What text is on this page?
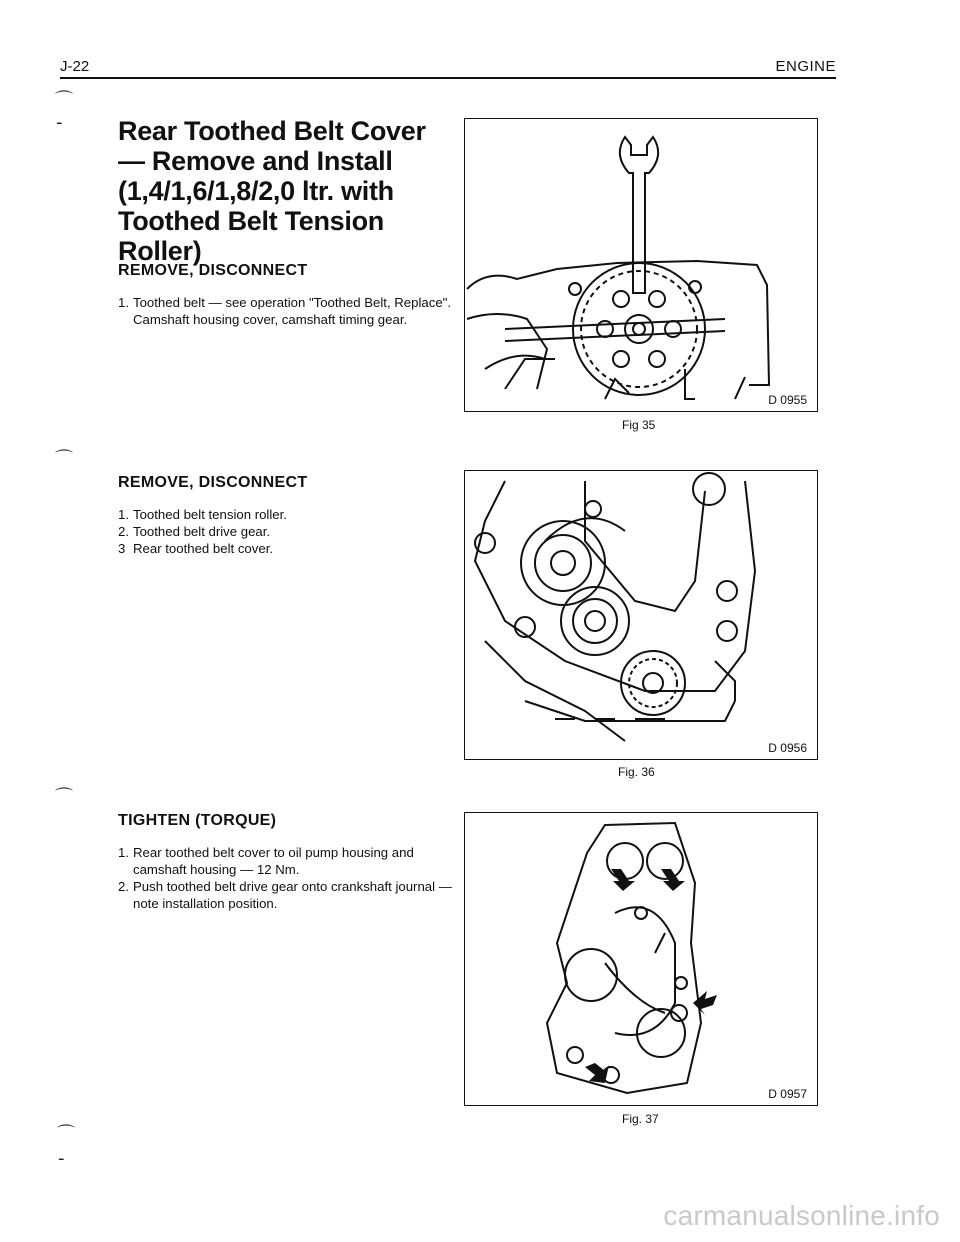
J-22	ENGINE
⌒
-
⌒
⌒
⌒
-
Rear Toothed Belt Cover — Remove and Install (1,4/1,6/1,8/2,0 ltr. with Toothed Belt Tension Roller)
REMOVE, DISCONNECT
1. Toothed belt — see operation "Toothed Belt, Replace".
Camshaft housing cover, camshaft timing gear.
REMOVE, DISCONNECT
1. Toothed belt tension roller.
2. Toothed belt drive gear.
3 Rear toothed belt cover.
TIGHTEN (TORQUE)
1. Rear toothed belt cover to oil pump housing and camshaft housing — 12 Nm.
2. Push toothed belt drive gear onto crankshaft journal — note installation position.
D 0955
Fig 35
D 0956
Fig. 36
D 0957
Fig. 37
carmanualsonline.info
